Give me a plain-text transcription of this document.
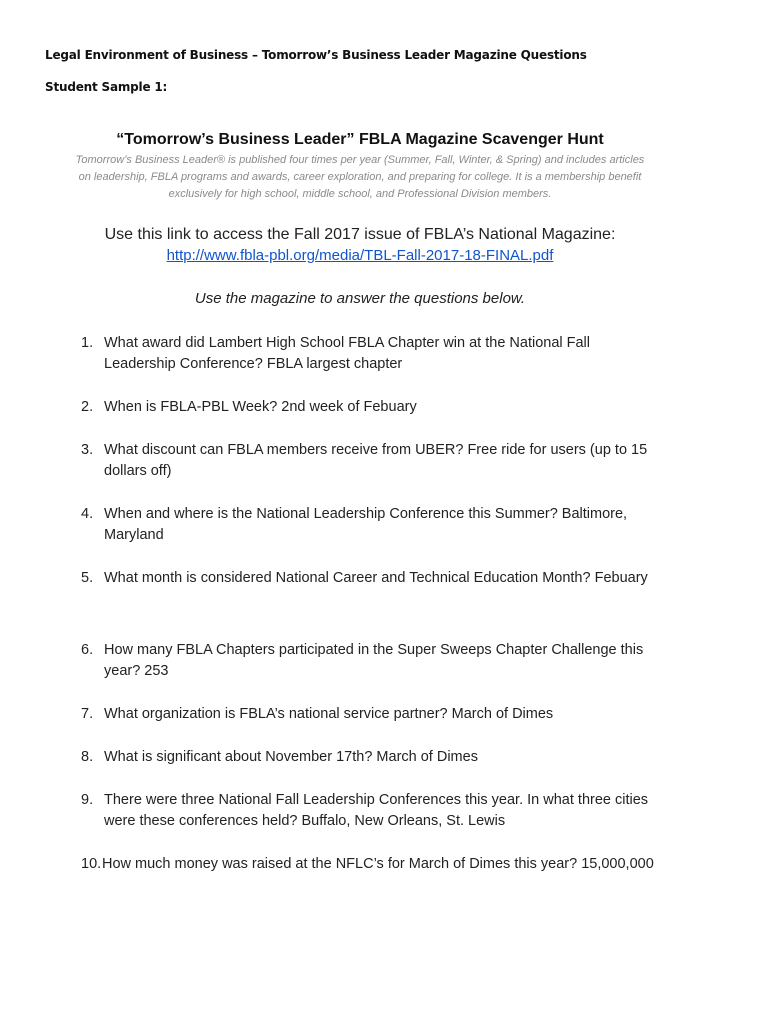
Legal Environment of Business – Tomorrow’s Business Leader Magazine Questions
Student Sample 1:

“Tomorrow’s Business Leader” FBLA Magazine Scavenger Hunt

Tomorrow’s Business Leader® is published four times per year (Summer, Fall, Winter, & Spring) and includes articles
on leadership, FBLA programs and awards, career exploration, and preparing for college. It is a membership benefit
exclusively for high school, middle school, and Professional Division members.

Use this link to access the Fall 2017 issue of FBLA’s National Magazine:
http://www.fbla-pbl.org/media/TBL-Fall-2017-18-FINAL.pdf
Use the magazine to answer the questions below.
1. What award did Lambert High School FBLA Chapter win at the National Fall Leadership Conference? FBLA largest chapter
2. When is FBLA-PBL Week? 2nd week of Febuary
3. What discount can FBLA members receive from UBER? Free ride for users (up to 15 dollars off)
4. When and where is the National Leadership Conference this Summer? Baltimore, Maryland
5. What month is considered National Career and Technical Education Month? Febuary
6. How many FBLA Chapters participated in the Super Sweeps Chapter Challenge this year? 253
7. What organization is FBLA’s national service partner? March of Dimes
8. What is significant about November 17th? March of Dimes
9. There were three National Fall Leadership Conferences this year. In what three cities were these conferences held? Buffalo, New Orleans, St. Lewis
10. How much money was raised at the NFLC’s for March of Dimes this year? 15,000,000
